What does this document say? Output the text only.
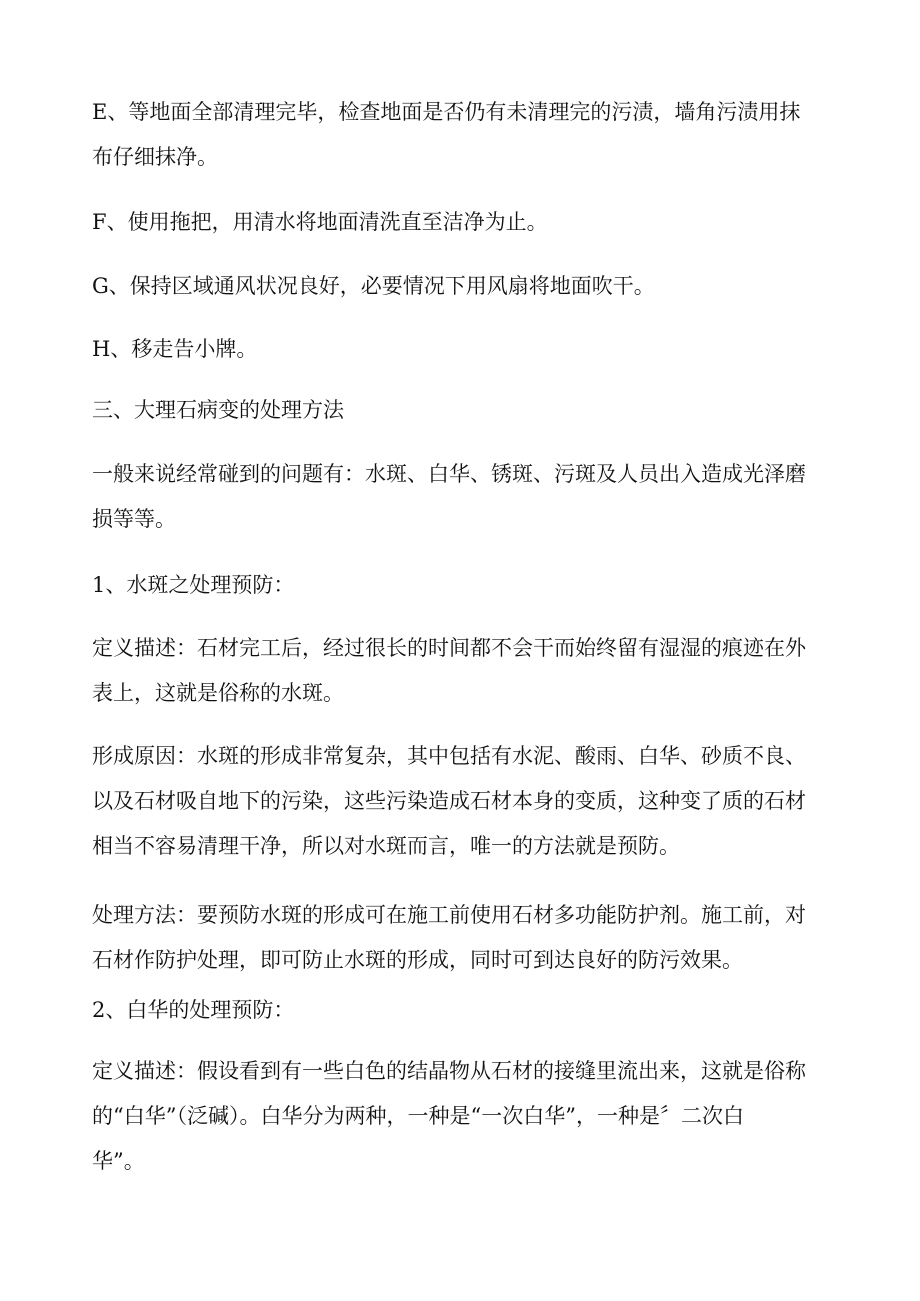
E、等地面全部清理完毕，检查地面是否仍有未清理完的污渍，墙角污渍用抹
布仔细抹净。
F、使用拖把，用清水将地面清洗直至洁净为止。
G、保持区域通风状况良好，必要情况下用风扇将地面吹干。
H、移走告小牌。
三、大理石病变的处理方法
一般来说经常碰到的问题有：水斑、白华、锈斑、污斑及人员出入造成光泽磨
损等等。
1、水斑之处理预防：
定义描述：石材完工后，经过很长的时间都不会干而始终留有湿湿的痕迹在外
表上，这就是俗称的水斑。
形成原因：水斑的形成非常复杂，其中包括有水泥、酸雨、白华、砂质不良、
以及石材吸自地下的污染，这些污染造成石材本身的变质，这种变了质的石材
相当不容易清理干净，所以对水斑而言，唯一的方法就是预防。
处理方法：要预防水斑的形成可在施工前使用石材多功能防护剂。施工前，对
石材作防护处理，即可防止水斑的形成，同时可到达良好的防污效果。
2、白华的处理预防：
定义描述：假设看到有一些白色的结晶物从石材的接缝里流出来，这就是俗称
的“白华”（泛碱）。白华分为两种，一种是“一次白华”，一种是〞二次白
华”。
